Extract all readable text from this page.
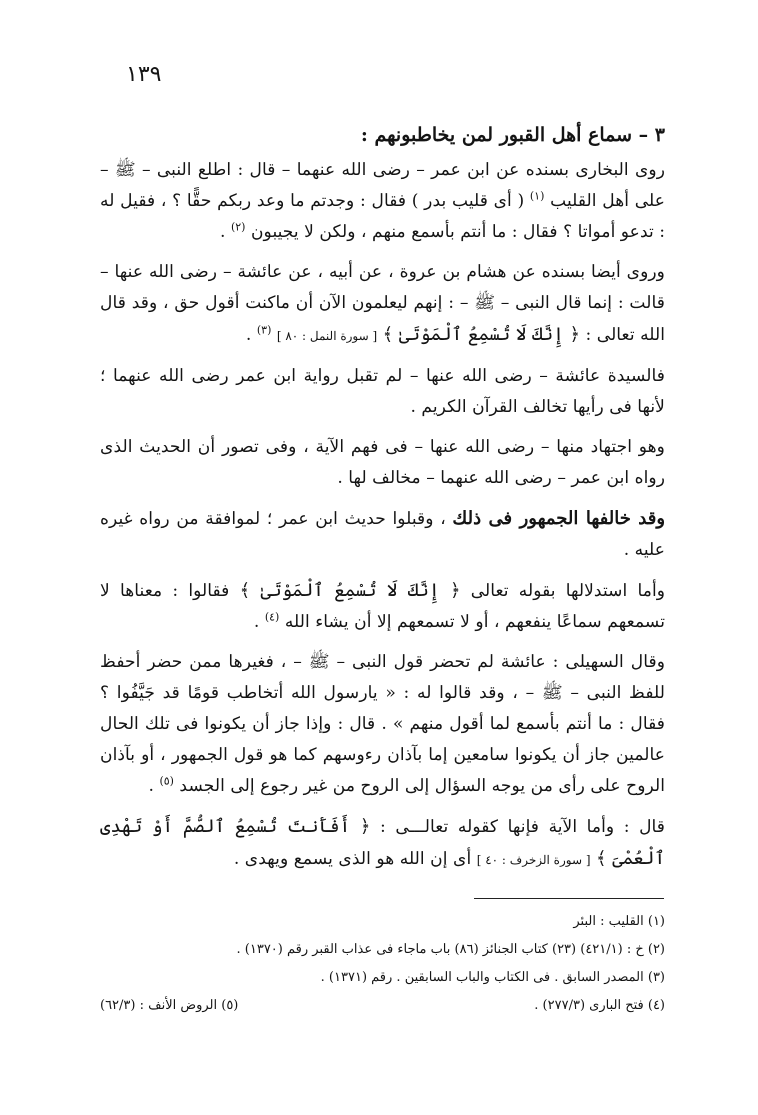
١٣٩

٣ – سماع أهل القبور لمن يخاطبونهم :

روى البخارى بسنده عن ابن عمر – رضى الله عنهما – قال : اطلع النبى – ﷺ – على أهل القليب $^{(١)}$ ( أى قليب بدر ) فقال : وجدتم ما وعد ربكم حقًّا ؟ ، فقيل له : تدعو أمواتا ؟ فقال : ما أنتم بأسمع منهم ، ولكن لا يجيبون $^{(٢)}$ .

وروى أيضا بسنده عن هشام بن عروة ، عن أبيه ، عن عائشة – رضى الله عنها – قالت : إنما قال النبى – ﷺ – : إنهم ليعلمون الآن أن ماكنت أقول حق ، وقد قال الله تعالى : ﴿ إِنَّكَ لَا تُسْمِعُ ٱلْمَوْتَىٰ ﴾ [ سورة النمل : ٨٠ ] $^{(٣)}$ .

فالسيدة عائشة – رضى الله عنها – لم تقبل رواية ابن عمر رضى الله عنهما ؛ لأنها فى رأيها تخالف القرآن الكريم .

وهو اجتهاد منها – رضى الله عنها – فى فهم الآية ، وفى تصور أن الحديث الذى رواه ابن عمر – رضى الله عنهما – مخالف لها .

وقد خالفها الجمهور فى ذلك ، وقبلوا حديث ابن عمر ؛ لموافقة من رواه غيره عليه .

وأما استدلالها بقوله تعالى ﴿ إِنَّكَ لَا تُسْمِعُ ٱلْمَوْتَىٰ ﴾ فقالوا : معناها لا تسمعهم سماعًا ينفعهم ، أو لا تسمعهم إلا أن يشاء الله $^{(٤)}$ .

وقال السهيلى : عائشة لم تحضر قول النبى – ﷺ – ، فغيرها ممن حضر أحفظ للفظ النبى – ﷺ – ، وقد قالوا له : « يارسول الله أتخاطب قومًا قد جَيَّفُوا ؟ فقال : ما أنتم بأسمع لما أقول منهم » . قال : وإذا جاز أن يكونوا فى تلك الحال عالمين جاز أن يكونوا سامعين إما بآذان رءوسهم كما هو قول الجمهور ، أو بآذان الروح على رأى من يوجه السؤال إلى الروح من غير رجوع إلى الجسد $^{(٥)}$ .

قال : وأما الآية فإنها كقوله تعالـــى : ﴿ أَفَأَنتَ تُسْمِعُ ٱلصُّمَّ أَوْ تَهْدِى ٱلْعُمْىَ ﴾ [ سورة الزخرف : ٤٠ ] أى إن الله هو الذى يسمع ويهدى .

(١) القليب : البئر

(٢) خ : (٤٢١/١) (٢٣) كتاب الجنائز (٨٦) باب ماجاء فى عذاب القبر رقم (١٣٧٠) .

(٣) المصدر السابق . فى الكتاب والباب السابقين . رقم (١٣٧١) .

(٤) فتح البارى (٢٧٧/٣) .
(٥) الروض الأنف : (٦٢/٣)
